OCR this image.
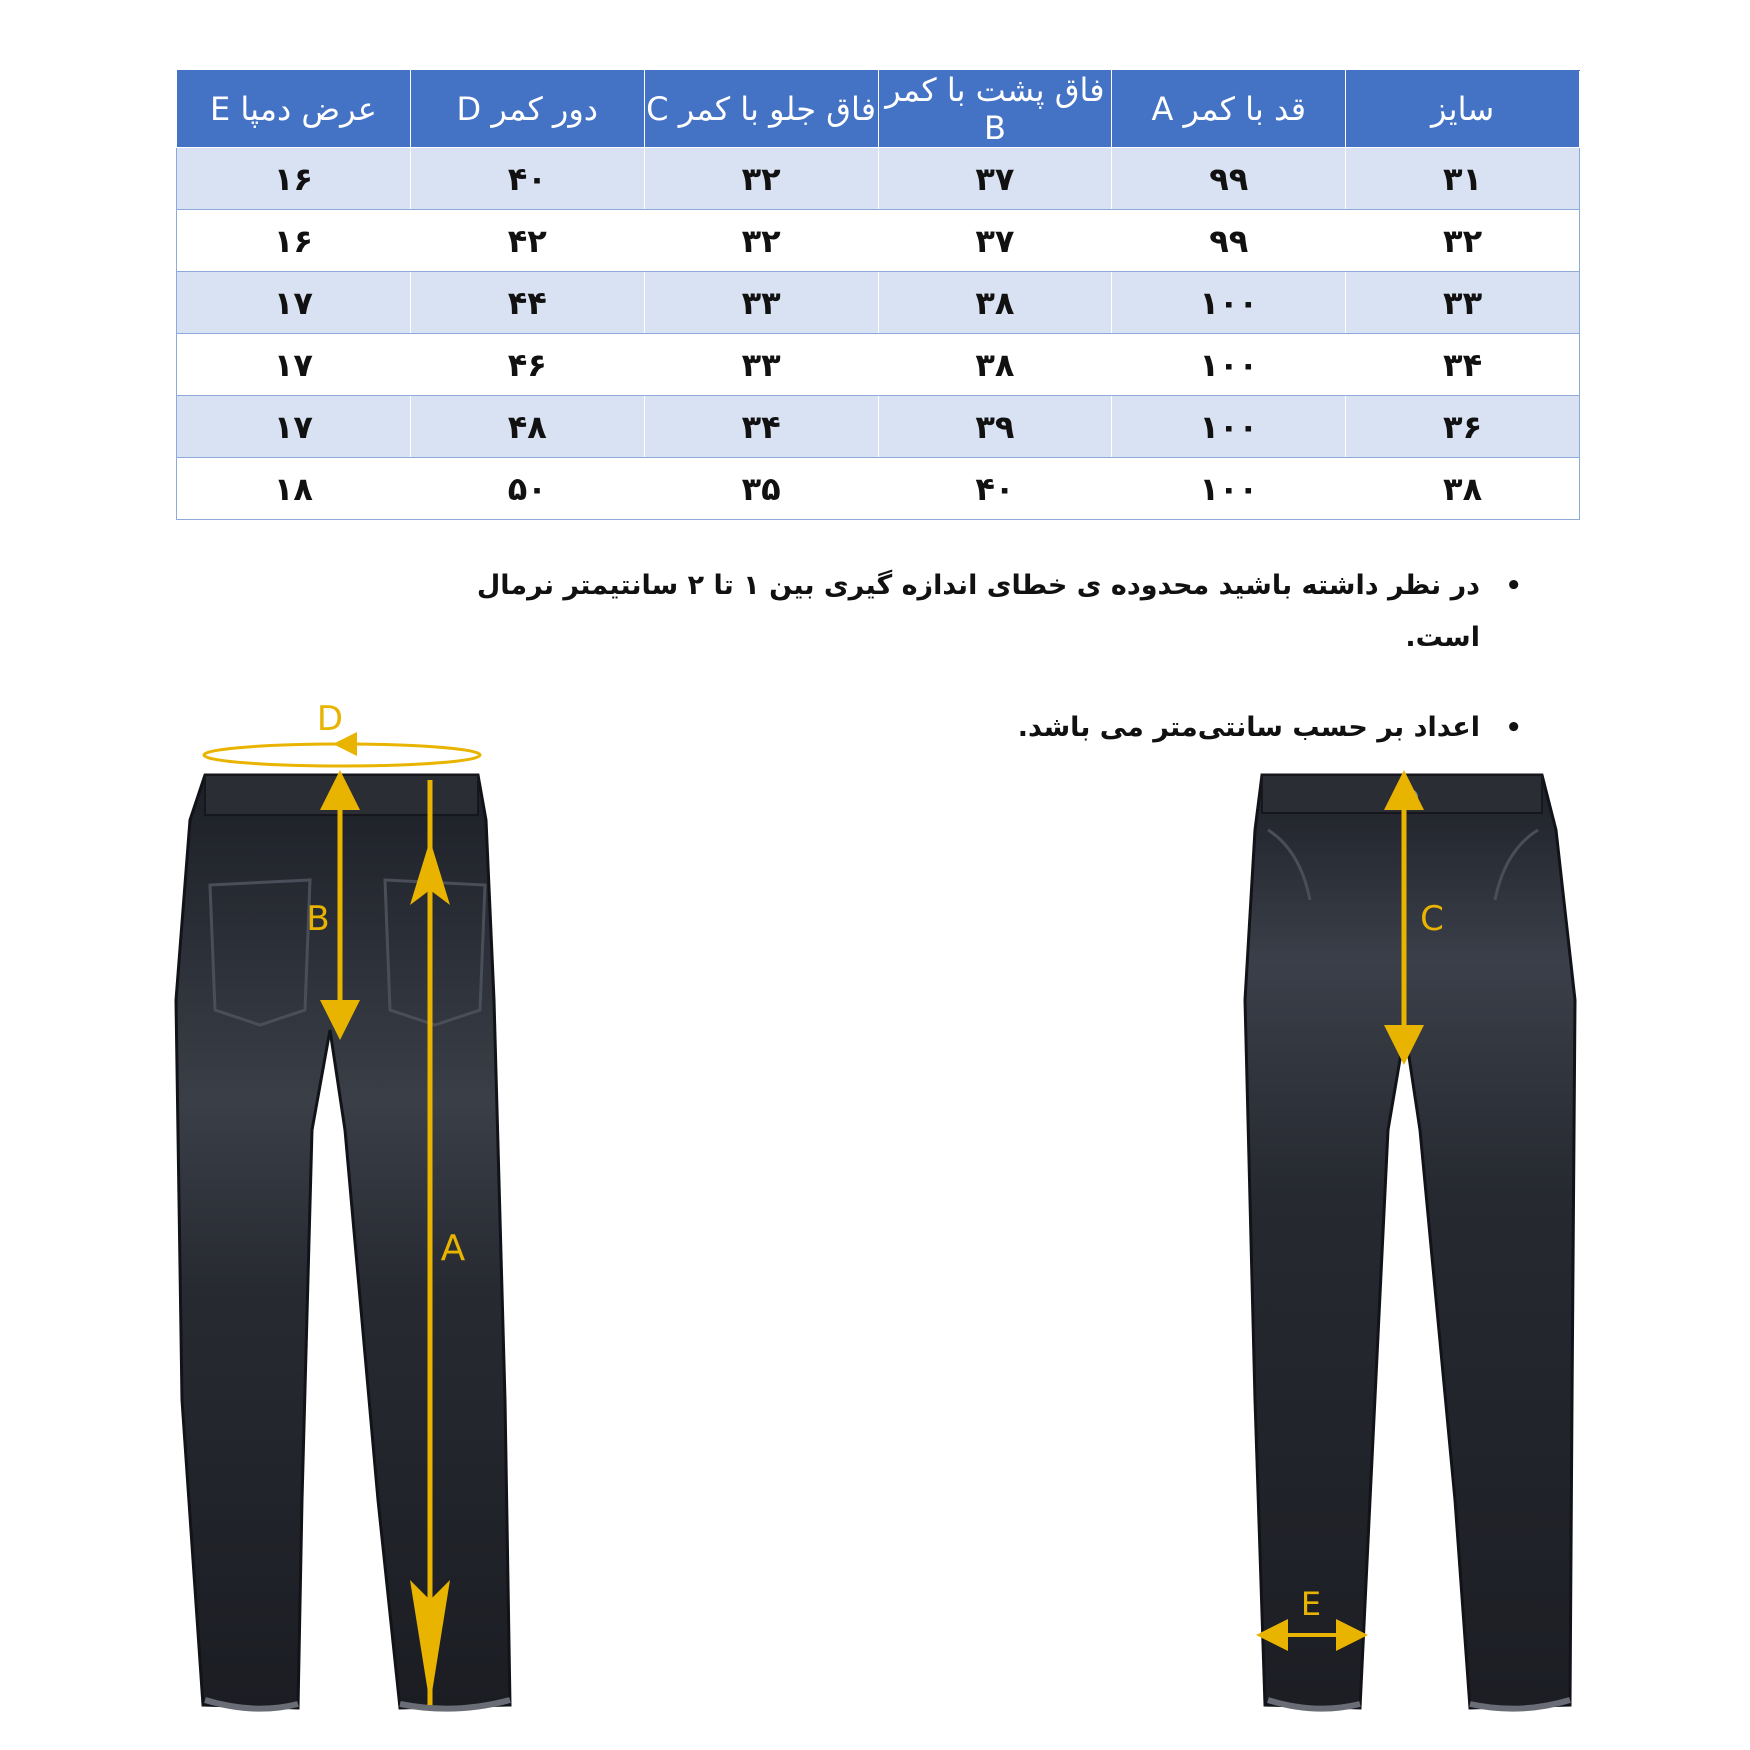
سایز	قد با کمر A	فاق پشت با کمر B	فاق جلو با کمر C	دور کمر D	عرض دمپا E
۳۱	۹۹	۳۷	۳۲	۴۰	۱۶
۳۲	۹۹	۳۷	۳۲	۴۲	۱۶
۳۳	۱۰۰	۳۸	۳۳	۴۴	۱۷
۳۴	۱۰۰	۳۸	۳۳	۴۶	۱۷
۳۶	۱۰۰	۳۹	۳۴	۴۸	۱۷
۳۸	۱۰۰	۴۰	۳۵	۵۰	۱۸
• در نظر داشته باشید محدوده ی خطای اندازه گیری بین ۱ تا ۲ سانتیمتر نرمال است.
• اعداد بر حسب سانتی‌متر می باشد.
D
B
A
C
E
